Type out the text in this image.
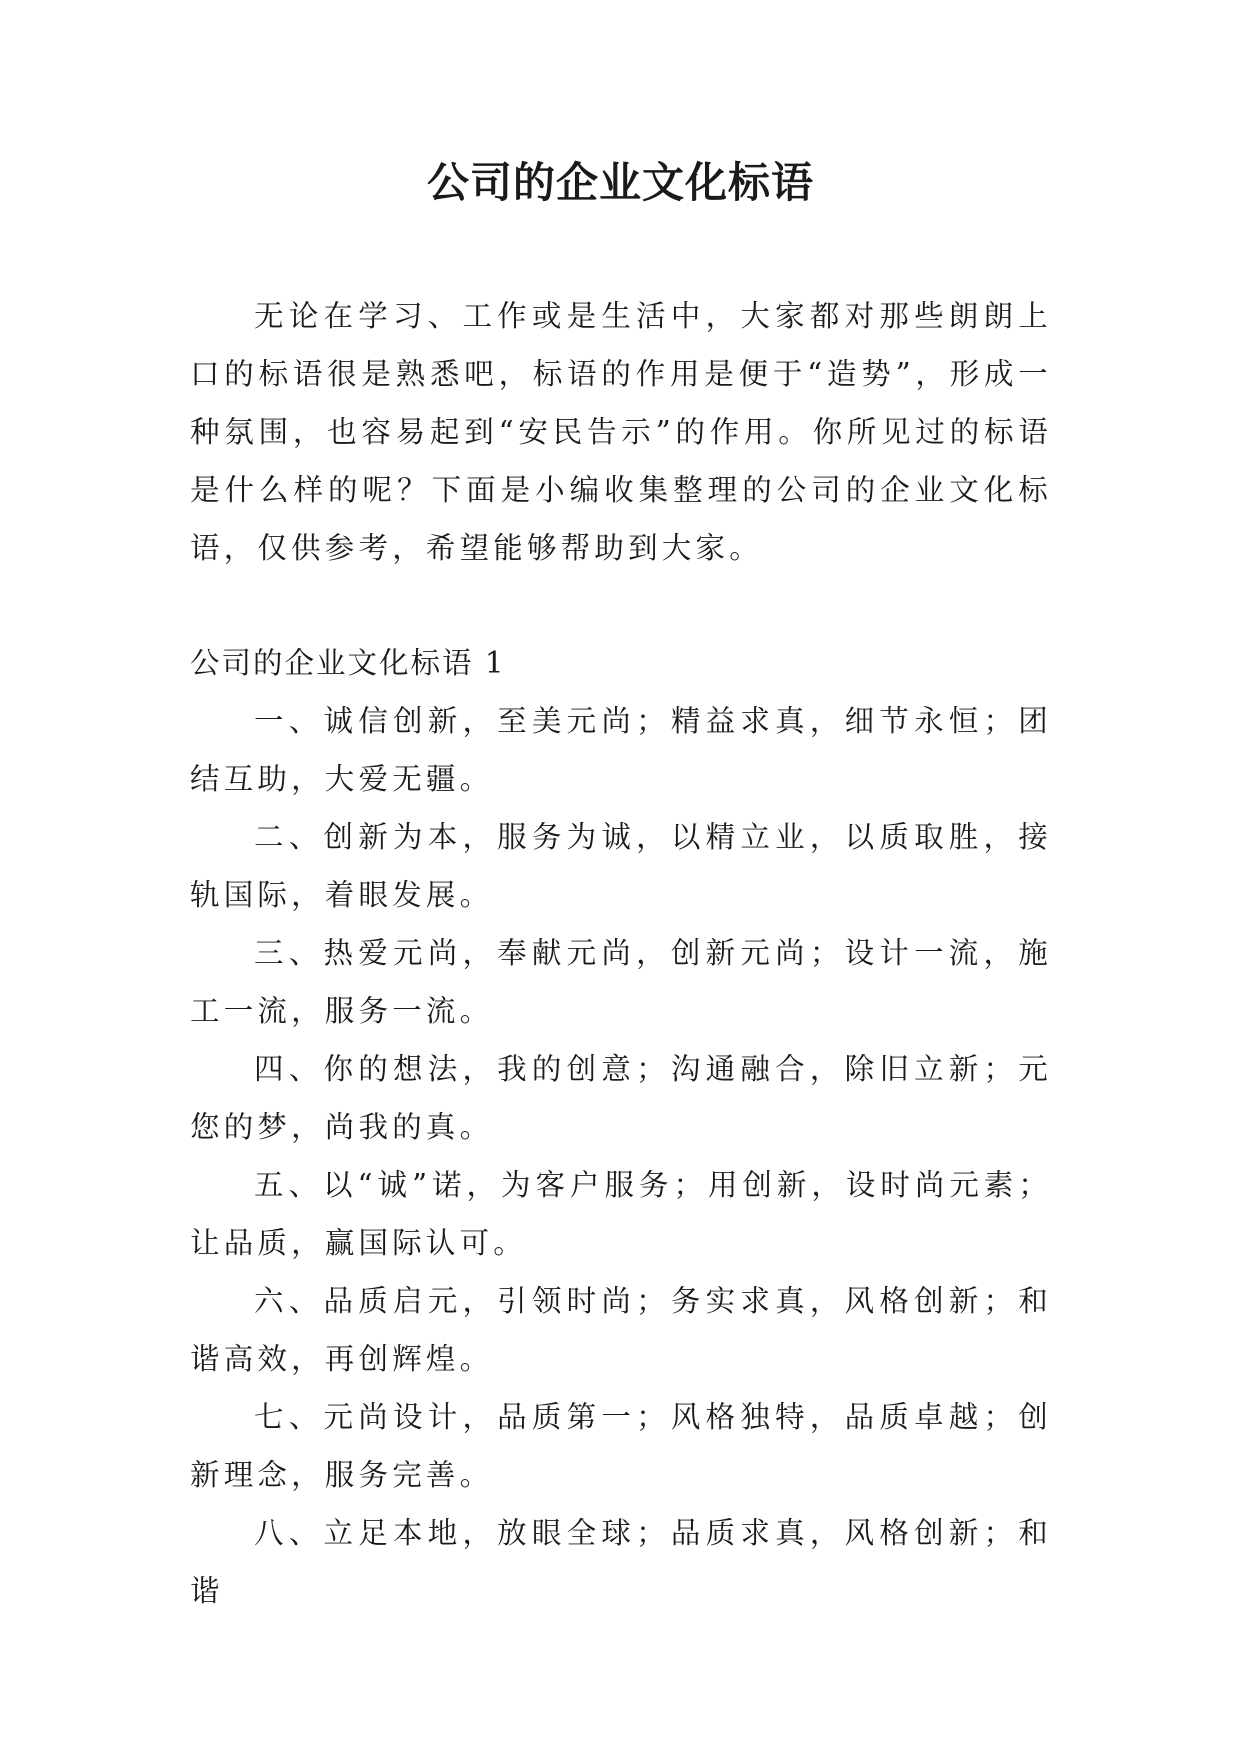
公司的企业文化标语

无论在学习、工作或是生活中，大家都对那些朗朗上口的标语很是熟悉吧，标语的作用是便于“造势”，形成一种氛围，也容易起到“安民告示”的作用。你所见过的标语是什么样的呢？下面是小编收集整理的公司的企业文化标语，仅供参考，希望能够帮助到大家。

公司的企业文化标语 1

一、诚信创新，至美元尚；精益求真，细节永恒；团结互助，大爱无疆。

二、创新为本，服务为诚，以精立业，以质取胜，接轨国际，着眼发展。

三、热爱元尚，奉献元尚，创新元尚；设计一流，施工一流，服务一流。

四、你的想法，我的创意；沟通融合，除旧立新；元您的梦，尚我的真。

五、以“诚”诺，为客户服务；用创新，设时尚元素；让品质，赢国际认可。

六、品质启元，引领时尚；务实求真，风格创新；和谐高效，再创辉煌。

七、元尚设计，品质第一；风格独特，品质卓越；创新理念，服务完善。

八、立足本地，放眼全球；品质求真，风格创新；和谐
